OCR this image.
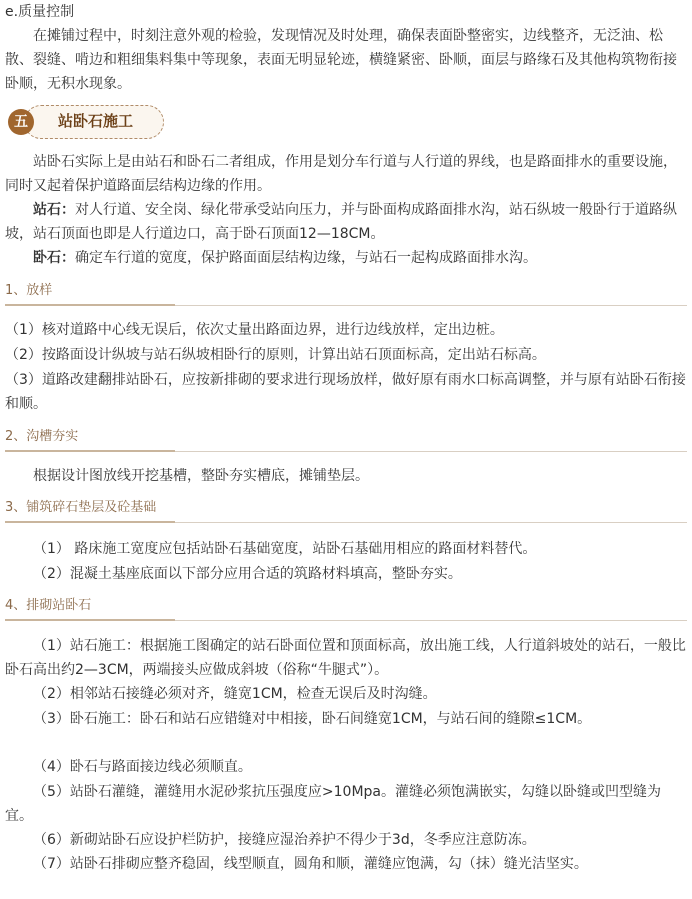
e.质量控制
在摊铺过程中，时刻注意外观的检验，发现情况及时处理，确保表面卧整密实，边线整齐，无泛油、松散、裂缝、啃边和粗细集料集中等现象，表面无明显轮迹，横缝紧密、卧顺，面层与路缘石及其他构筑物衔接卧顺，无积水现象。
五	站卧石施工
站卧石实际上是由站石和卧石二者组成，作用是划分车行道与人行道的界线，也是路面排水的重要设施，同时又起着保护道路面层结构边缘的作用。
站石：对人行道、安全岗、绿化带承受站向压力，并与卧面构成路面排水沟，站石纵坡一般卧行于道路纵坡，站石顶面也即是人行道边口，高于卧石顶面12—18CM。
卧石：确定车行道的宽度，保护路面面层结构边缘，与站石一起构成路面排水沟。
1、放样
（1）核对道路中心线无误后，依次丈量出路面边界，进行边线放样，定出边桩。
（2）按路面设计纵坡与站石纵坡相卧行的原则，计算出站石顶面标高，定出站石标高。
（3）道路改建翻排站卧石，应按新排砌的要求进行现场放样，做好原有雨水口标高调整，并与原有站卧石衔接和顺。
2、沟槽夯实
根据设计图放线开挖基槽，整卧夯实槽底，摊铺垫层。
3、铺筑碎石垫层及砼基础
（1） 路床施工宽度应包括站卧石基础宽度，站卧石基础用相应的路面材料替代。
（2）混凝土基座底面以下部分应用合适的筑路材料填高，整卧夯实。
4、排砌站卧石
（1）站石施工：根据施工图确定的站石卧面位置和顶面标高，放出施工线，人行道斜坡处的站石，一般比卧石高出约2—3CM，两端接头应做成斜坡（俗称“牛腿式”）。
（2）相邻站石接缝必须对齐，缝宽1CM，检查无误后及时沟缝。
（3）卧石施工：卧石和站石应错缝对中相接，卧石间缝宽1CM，与站石间的缝隙≤1CM。
（4）卧石与路面接边线必须顺直。
（5）站卧石灌缝，灌缝用水泥砂浆抗压强度应>10Mpa。灌缝必须饱满嵌实，勾缝以卧缝或凹型缝为宜。
（6）新砌站卧石应设护栏防护，接缝应湿治养护不得少于3d，冬季应注意防冻。
（7）站卧石排砌应整齐稳固，线型顺直，圆角和顺，灌缝应饱满，勾（抹）缝光洁坚实。
